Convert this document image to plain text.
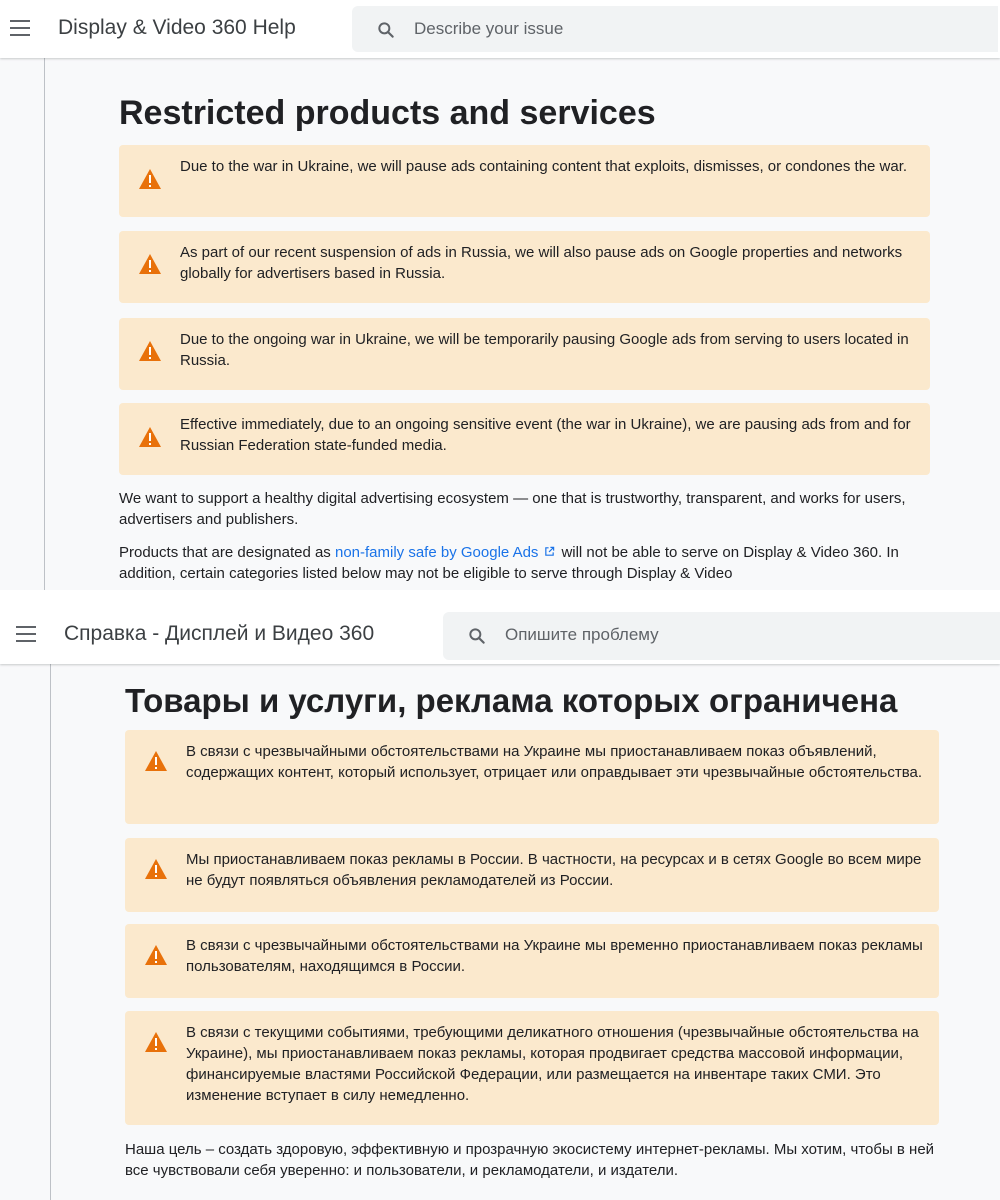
Display & Video 360 Help	Describe your issue
Restricted products and services
Due to the war in Ukraine, we will pause ads containing content that exploits, dismisses, or condones the war.
As part of our recent suspension of ads in Russia, we will also pause ads on Google properties and networks globally for advertisers based in Russia.
Due to the ongoing war in Ukraine, we will be temporarily pausing Google ads from serving to users located in Russia.
Effective immediately, due to an ongoing sensitive event (the war in Ukraine), we are pausing ads from and for Russian Federation state-funded media.

We want to support a healthy digital advertising ecosystem — one that is trustworthy, transparent, and works for users, advertisers and publishers.

Products that are designated as non-family safe by Google Ads will not be able to serve on Display & Video 360. In addition, certain categories listed below may not be eligible to serve through Display & Video

Справка - Дисплей и Видео 360	Опишите проблему
Товары и услуги, реклама которых ограничена
В связи с чрезвычайными обстоятельствами на Украине мы приостанавливаем показ объявлений, содержащих контент, который использует, отрицает или оправдывает эти чрезвычайные обстоятельства.
Мы приостанавливаем показ рекламы в России. В частности, на ресурсах и в сетях Google во всем мире не будут появляться объявления рекламодателей из России.
В связи с чрезвычайными обстоятельствами на Украине мы временно приостанавливаем показ рекламы пользователям, находящимся в России.
В связи с текущими событиями, требующими деликатного отношения (чрезвычайные обстоятельства на Украине), мы приостанавливаем показ рекламы, которая продвигает средства массовой информации, финансируемые властями Российской Федерации, или размещается на инвентаре таких СМИ. Это изменение вступает в силу немедленно.

Наша цель – создать здоровую, эффективную и прозрачную экосистему интернет-рекламы. Мы хотим, чтобы в ней все чувствовали себя уверенно: и пользователи, и рекламодатели, и издатели.
